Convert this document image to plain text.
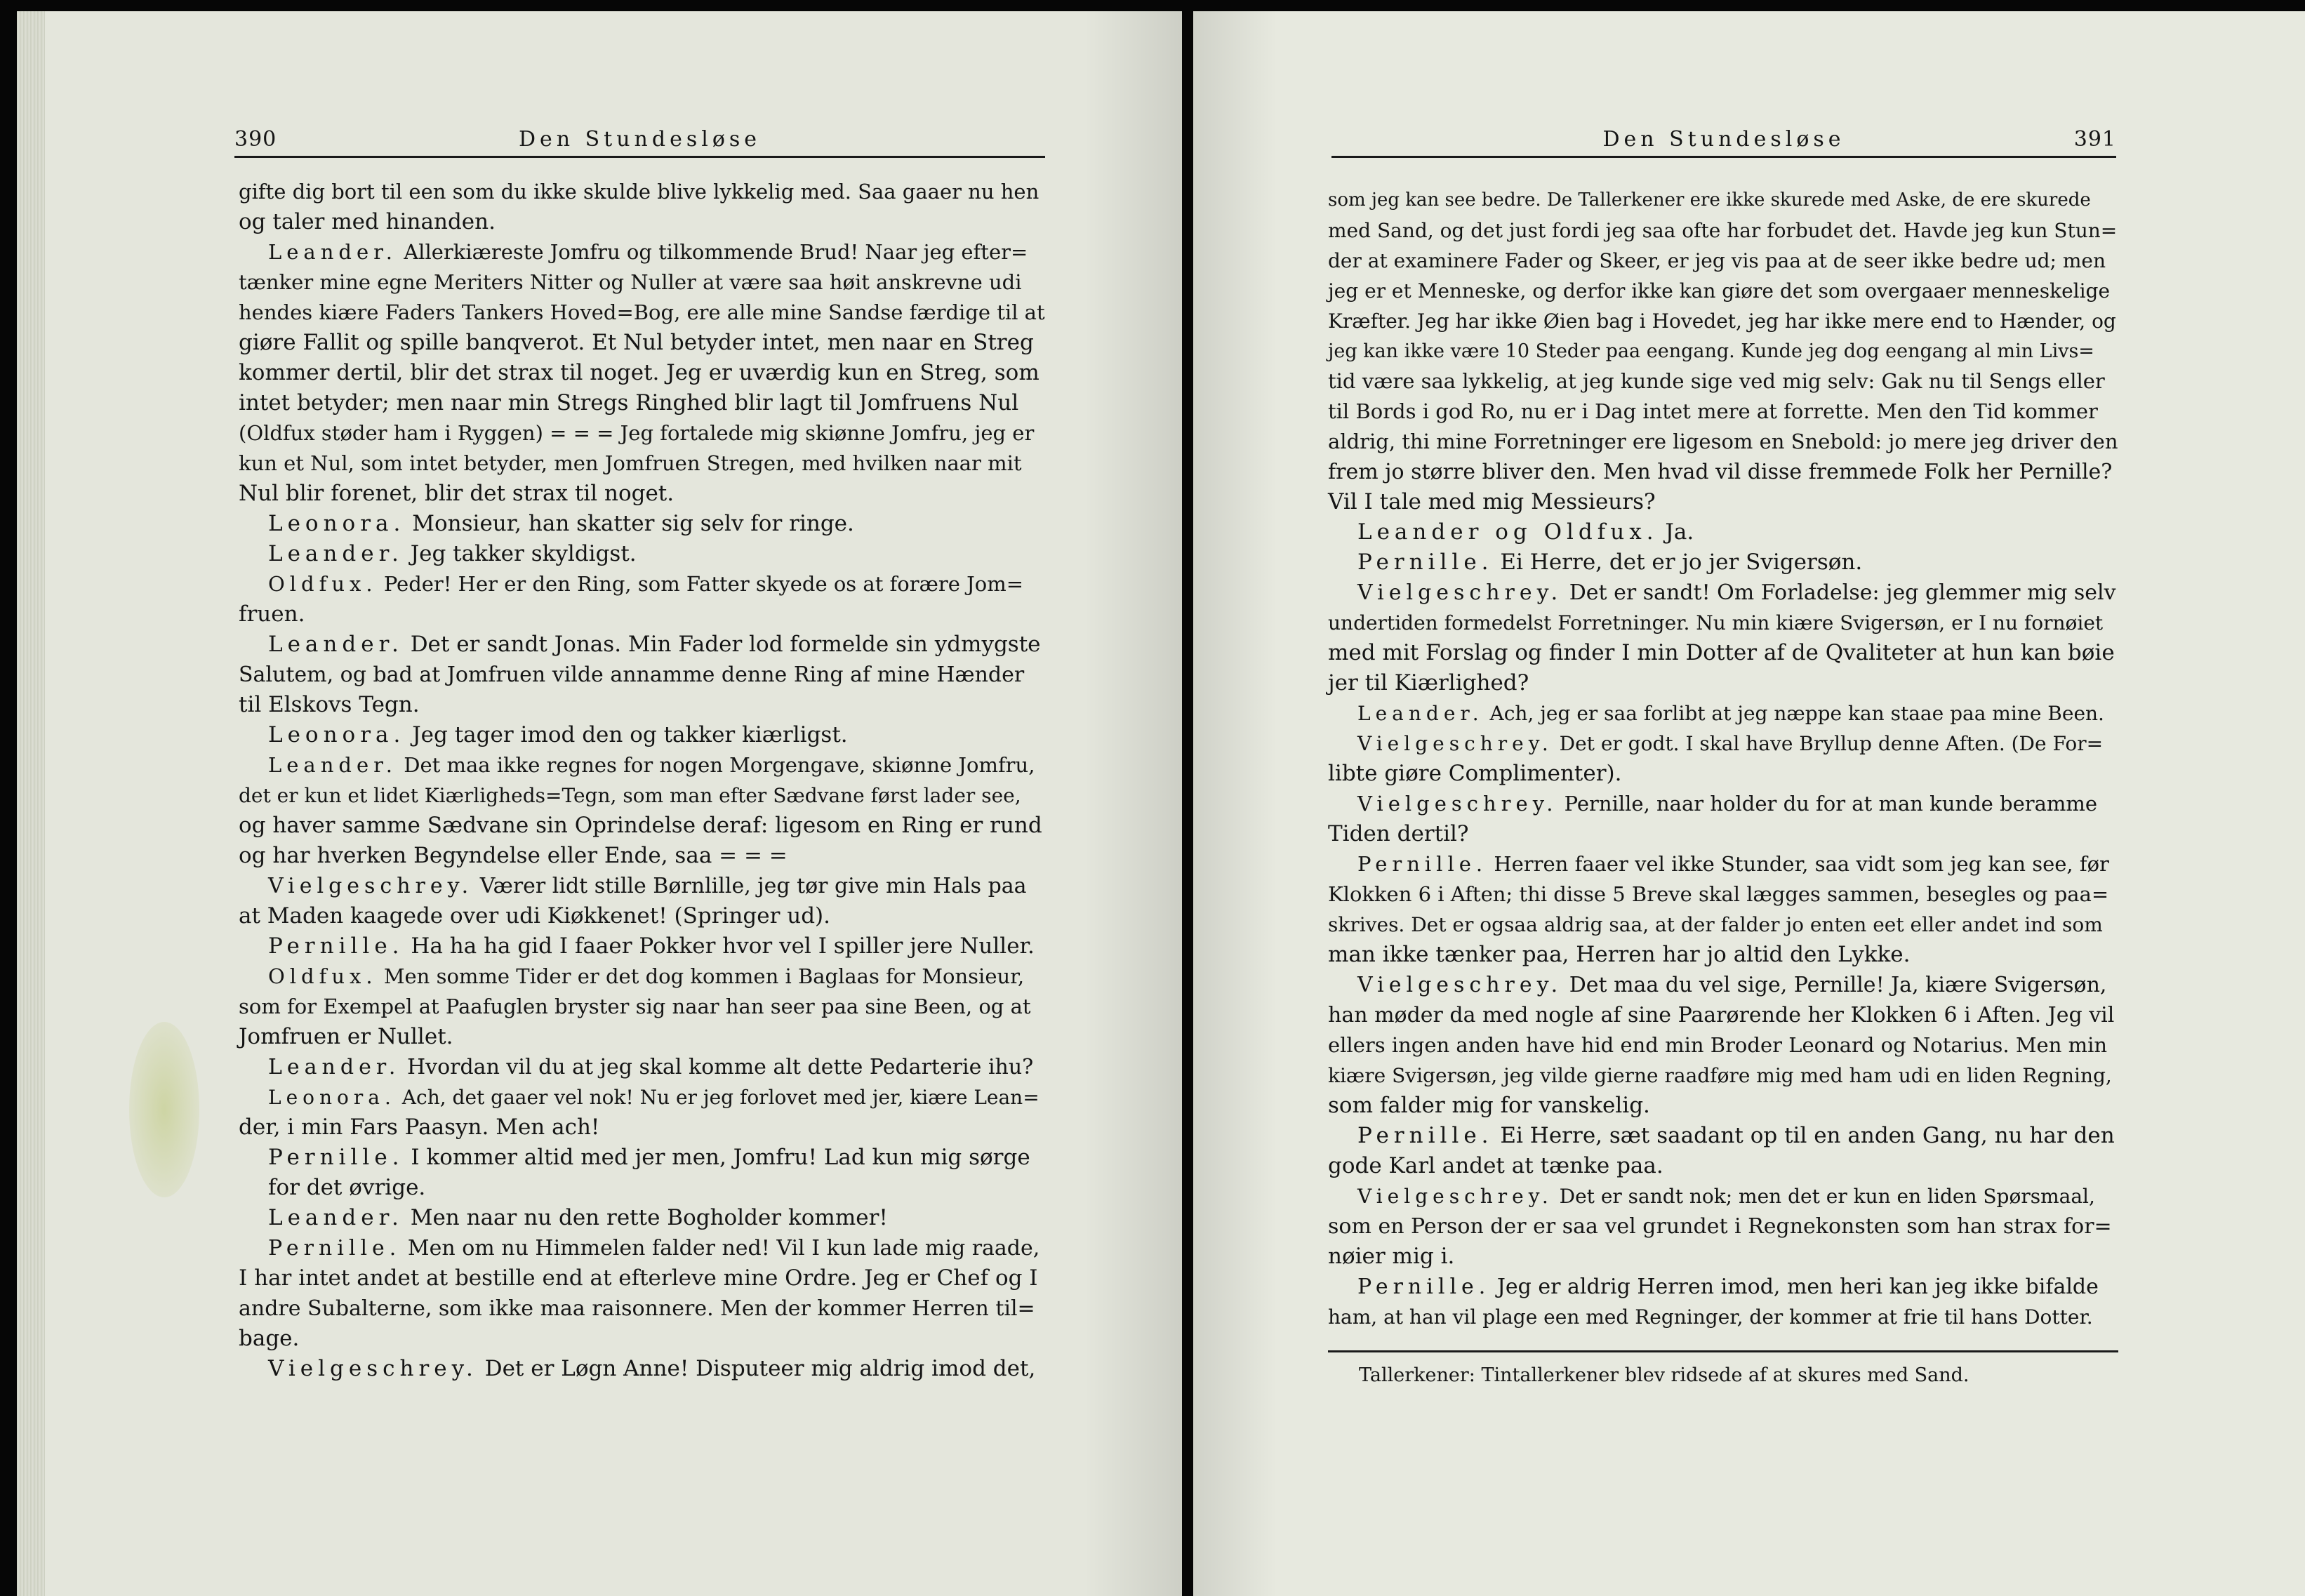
390	Den Stundesløse
gifte dig bort til een som du ikke skulde blive lykkelig med. Saa gaaer nu hen
og taler med hinanden.
Leander. Allerkiæreste Jomfru og tilkommende Brud! Naar jeg efter=
tænker mine egne Meriters Nitter og Nuller at være saa høit anskrevne udi
hendes kiære Faders Tankers Hoved=Bog, ere alle mine Sandse færdige til at
giøre Fallit og spille banqverot. Et Nul betyder intet, men naar en Streg
kommer dertil, blir det strax til noget. Jeg er uværdig kun en Streg, som
intet betyder; men naar min Stregs Ringhed blir lagt til Jomfruens Nul
(Oldfux støder ham i Ryggen) = = = Jeg fortalede mig skiønne Jomfru, jeg er
kun et Nul, som intet betyder, men Jomfruen Stregen, med hvilken naar mit
Nul blir forenet, blir det strax til noget.
Leonora. Monsieur, han skatter sig selv for ringe.
Leander. Jeg takker skyldigst.
Oldfux. Peder! Her er den Ring, som Fatter skyede os at forære Jom=
fruen.
Leander. Det er sandt Jonas. Min Fader lod formelde sin ydmygste
Salutem, og bad at Jomfruen vilde annamme denne Ring af mine Hænder
til Elskovs Tegn.
Leonora. Jeg tager imod den og takker kiærligst.
Leander. Det maa ikke regnes for nogen Morgengave, skiønne Jomfru,
det er kun et lidet Kiærligheds=Tegn, som man efter Sædvane først lader see,
og haver samme Sædvane sin Oprindelse deraf: ligesom en Ring er rund
og har hverken Begyndelse eller Ende, saa = = =
Vielgeschrey. Værer lidt stille Børnlille, jeg tør give min Hals paa
at Maden kaagede over udi Kiøkkenet! (Springer ud).
Pernille. Ha ha ha gid I faaer Pokker hvor vel I spiller jere Nuller.
Oldfux. Men somme Tider er det dog kommen i Baglaas for Monsieur,
som for Exempel at Paafuglen bryster sig naar han seer paa sine Been, og at
Jomfruen er Nullet.
Leander. Hvordan vil du at jeg skal komme alt dette Pedarterie ihu?
Leonora. Ach, det gaaer vel nok! Nu er jeg forlovet med jer, kiære Lean=
der, i min Fars Paasyn. Men ach!
Pernille. I kommer altid med jer men, Jomfru! Lad kun mig sørge
for det øvrige.
Leander. Men naar nu den rette Bogholder kommer!
Pernille. Men om nu Himmelen falder ned! Vil I kun lade mig raade,
I har intet andet at bestille end at efterleve mine Ordre. Jeg er Chef og I
andre Subalterne, som ikke maa raisonnere. Men der kommer Herren til=
bage.
Vielgeschrey. Det er Løgn Anne! Disputeer mig aldrig imod det,
Den Stundesløse	391
som jeg kan see bedre. De Tallerkener ere ikke skurede med Aske, de ere skurede
med Sand, og det just fordi jeg saa ofte har forbudet det. Havde jeg kun Stun=
der at examinere Fader og Skeer, er jeg vis paa at de seer ikke bedre ud; men
jeg er et Menneske, og derfor ikke kan giøre det som overgaaer menneskelige
Kræfter. Jeg har ikke Øien bag i Hovedet, jeg har ikke mere end to Hænder, og
jeg kan ikke være 10 Steder paa eengang. Kunde jeg dog eengang al min Livs=
tid være saa lykkelig, at jeg kunde sige ved mig selv: Gak nu til Sengs eller
til Bords i god Ro, nu er i Dag intet mere at forrette. Men den Tid kommer
aldrig, thi mine Forretninger ere ligesom en Snebold: jo mere jeg driver den
frem jo større bliver den. Men hvad vil disse fremmede Folk her Pernille?
Vil I tale med mig Messieurs?
Leander og Oldfux. Ja.
Pernille. Ei Herre, det er jo jer Svigersøn.
Vielgeschrey. Det er sandt! Om Forladelse: jeg glemmer mig selv
undertiden formedelst Forretninger. Nu min kiære Svigersøn, er I nu fornøiet
med mit Forslag og finder I min Dotter af de Qvaliteter at hun kan bøie
jer til Kiærlighed?
Leander. Ach, jeg er saa forlibt at jeg næppe kan staae paa mine Been.
Vielgeschrey. Det er godt. I skal have Bryllup denne Aften. (De For=
libte giøre Complimenter).
Vielgeschrey. Pernille, naar holder du for at man kunde beramme
Tiden dertil?
Pernille. Herren faaer vel ikke Stunder, saa vidt som jeg kan see, før
Klokken 6 i Aften; thi disse 5 Breve skal lægges sammen, besegles og paa=
skrives. Det er ogsaa aldrig saa, at der falder jo enten eet eller andet ind som
man ikke tænker paa, Herren har jo altid den Lykke.
Vielgeschrey. Det maa du vel sige, Pernille! Ja, kiære Svigersøn,
han møder da med nogle af sine Paarørende her Klokken 6 i Aften. Jeg vil
ellers ingen anden have hid end min Broder Leonard og Notarius. Men min
kiære Svigersøn, jeg vilde gierne raadføre mig med ham udi en liden Regning,
som falder mig for vanskelig.
Pernille. Ei Herre, sæt saadant op til en anden Gang, nu har den
gode Karl andet at tænke paa.
Vielgeschrey. Det er sandt nok; men det er kun en liden Spørsmaal,
som en Person der er saa vel grundet i Regnekonsten som han strax for=
nøier mig i.
Pernille. Jeg er aldrig Herren imod, men heri kan jeg ikke bifalde
ham, at han vil plage een med Regninger, der kommer at frie til hans Dotter.
Tallerkener: Tintallerkener blev ridsede af at skures med Sand.
